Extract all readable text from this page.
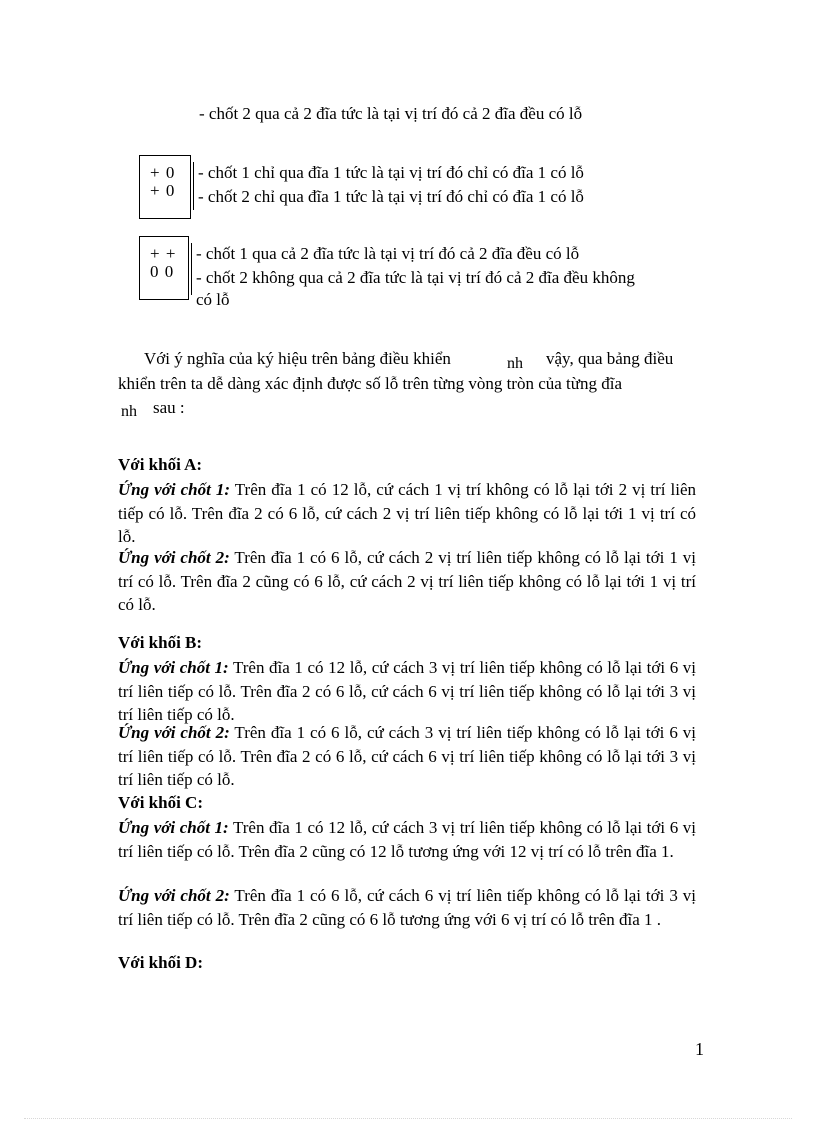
- chốt 2 qua cả 2 đĩa tức là tại vị trí đó cả 2 đĩa đều có lỗ
+ 0
+ 0
- chốt 1 chỉ qua đĩa 1 tức là tại vị trí đó chỉ có đĩa 1 có lỗ
- chốt 2 chỉ qua đĩa 1 tức là tại vị trí đó chỉ có đĩa 1 có lỗ
+ +
0 0
- chốt 1 qua cả 2 đĩa tức là tại vị trí đó cả 2 đĩa đều có lỗ
- chốt 2 không qua cả 2 đĩa tức là tại vị trí đó cả 2 đĩa đều không
có lỗ
Với ý nghĩa của ký hiệu trên bảng điều khiển	nh vậy, qua bảng điều
khiển trên ta dễ dàng xác định được số lỗ trên từng vòng tròn của từng đĩa
nh sau :
Với khối A:
Ứng với chốt 1: Trên đĩa 1 có 12 lỗ, cứ cách 1 vị trí không có lỗ lại tới 2 vị trí liên tiếp có lỗ. Trên đĩa 2 có 6 lỗ, cứ cách 2 vị trí liên tiếp không có lỗ lại tới 1 vị trí có lỗ.
Ứng với chốt 2: Trên đĩa 1 có 6 lỗ, cứ cách 2 vị trí liên tiếp không có lỗ lại tới 1 vị trí có lỗ. Trên đĩa 2 cũng có 6 lỗ, cứ cách 2 vị trí liên tiếp không có lỗ lại tới 1 vị trí có lỗ.
Với khối B:
Ứng với chốt 1: Trên đĩa 1 có 12 lỗ, cứ cách 3 vị trí liên tiếp không có lỗ lại tới 6 vị trí liên tiếp có lỗ. Trên đĩa 2 có 6 lỗ, cứ cách 6 vị trí liên tiếp không có lỗ lại tới 3 vị trí liên tiếp có lỗ.
Ứng với chốt 2: Trên đĩa 1 có 6 lỗ, cứ cách 3 vị trí liên tiếp không có lỗ lại tới 6 vị trí liên tiếp có lỗ. Trên đĩa 2 có 6 lỗ, cứ cách 6 vị trí liên tiếp không có lỗ lại tới 3 vị trí liên tiếp có lỗ.
Với khối C:
Ứng với chốt 1: Trên đĩa 1 có 12 lỗ, cứ cách 3 vị trí liên tiếp không có lỗ lại tới 6 vị trí liên tiếp có lỗ. Trên đĩa 2 cũng có 12 lỗ tương ứng với 12 vị trí có lỗ trên đĩa 1.
Ứng với chốt 2: Trên đĩa 1 có 6 lỗ, cứ cách 6 vị trí liên tiếp không có lỗ lại tới 3 vị trí liên tiếp có lỗ. Trên đĩa 2 cũng có 6 lỗ tương ứng với 6 vị trí có lỗ trên đĩa 1 .
Với khối D:
1
